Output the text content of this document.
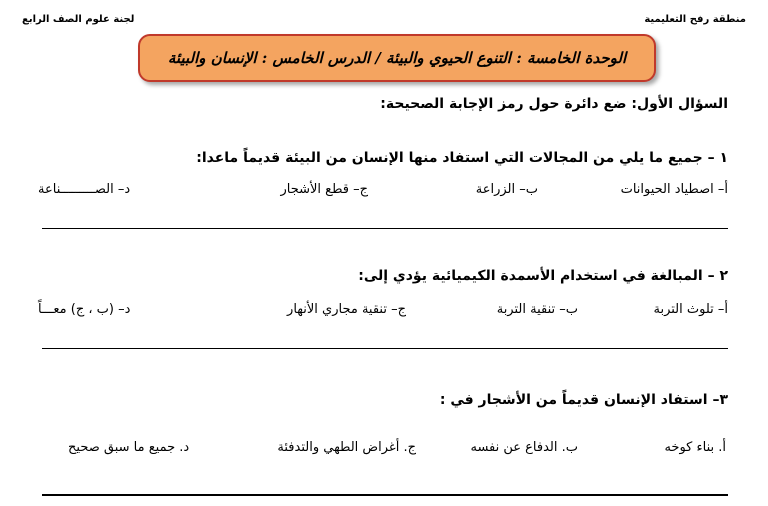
منطقة رفح التعليمية
لجنة علوم الصف الرابع
الوحدة الخامسة : التنوع الحيوي والبيئة / الدرس الخامس : الإنسان والبيئة
السؤال الأول: ضع دائرة حول رمز الإجابة الصحيحة:
١ – جميع ما يلي من المجالات التي استفاد منها الإنسان من البيئة قديماً ماعدا:
أ– اصطياد الحيوانات
ب– الزراعة
ج– قطع الأشجار
د– الصـــــــــناعة
٢ – المبالغة في استخدام الأسمدة الكيميائية يؤدي إلى:
أ– تلوث التربة
ب– تنقية التربة
ج– تنقية مجاري الأنهار
د– (ب ، ج) معـــاً
٣– استفاد الإنسان قديماً من الأشجار في :
أ. بناء كوخه
ب. الدفاع عن نفسه
ج. أغراض الطهي والتدفئة
د. جميع ما سبق صحيح
